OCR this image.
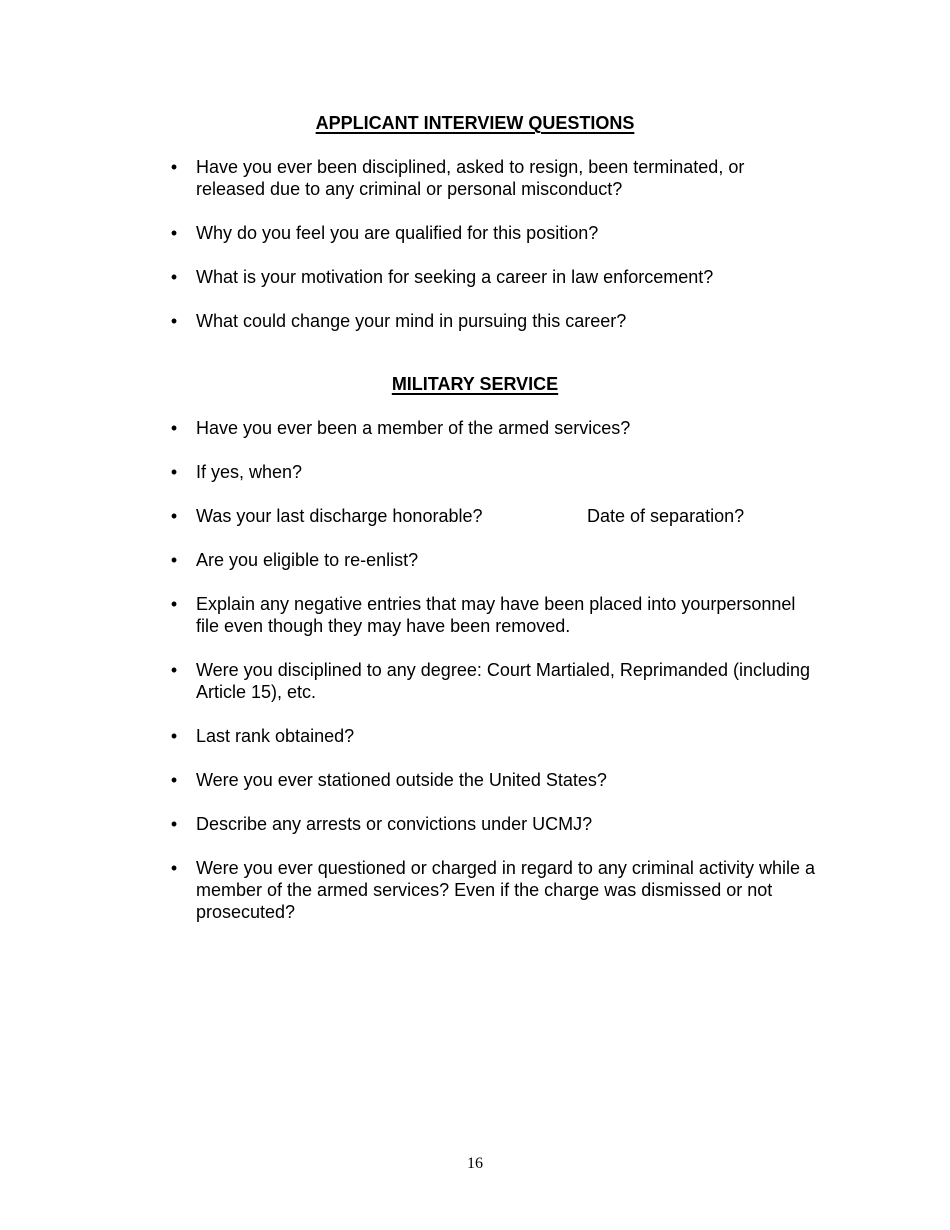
APPLICANT INTERVIEW QUESTIONS
• Have you ever been disciplined, asked to resign, been terminated, or released due to any criminal or personal misconduct?
• Why do you feel you are qualified for this position?
• What is your motivation for seeking a career in law enforcement?
• What could change your mind in pursuing this career?
MILITARY SERVICE
• Have you ever been a member of the armed services?
• If yes, when?
• Was your last discharge honorable?	Date of separation?
• Are you eligible to re-enlist?
• Explain any negative entries that may have been placed into yourpersonnel file even though they may have been removed.
• Were you disciplined to any degree: Court Martialed, Reprimanded (including Article 15), etc.
• Last rank obtained?
• Were you ever stationed outside the United States?
• Describe any arrests or convictions under UCMJ?
• Were you ever questioned or charged in regard to any criminal activity while a member of the armed services? Even if the charge was dismissed or not prosecuted?
16
